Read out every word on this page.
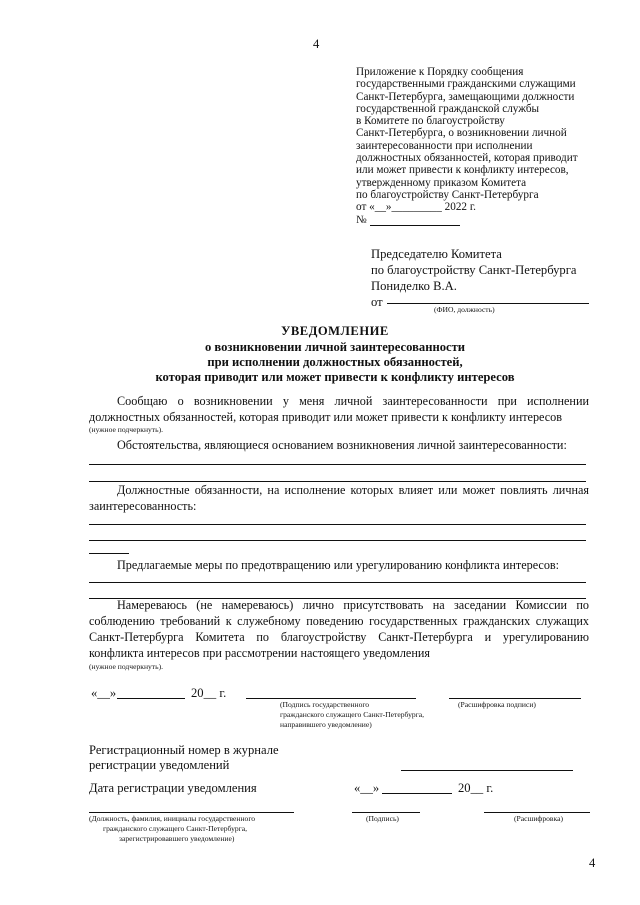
4
Приложение к Порядку сообщения
государственными гражданскими служащими
Санкт-Петербурга, замещающими должности
государственной гражданской службы
в Комитете по благоустройству
Санкт-Петербурга, о возникновении личной
заинтересованности при исполнении
должностных обязанностей, которая приводит
или может привести к конфликту интересов,
утвержденному приказом Комитета
по благоустройству Санкт-Петербурга
от «__»_________ 2022 г.
№
Председателю Комитета
по благоустройству Санкт-Петербурга
Пониделко В.А.
от
(ФИО, должность)
УВЕДОМЛЕНИЕ
о возникновении личной заинтересованности
при исполнении должностных обязанностей,
которая приводит или может привести к конфликту интересов
Сообщаю о возникновении у меня личной заинтересованности при исполнении должностных обязанностей, которая приводит или может привести к конфликту интересов
(нужное подчеркнуть).
Обстоятельства, являющиеся основанием возникновения личной заинтересованности:
Должностные обязанности, на исполнение которых влияет или может повлиять личная заинтересованность:
Предлагаемые меры по предотвращению или урегулированию конфликта интересов:
Намереваюсь (не намереваюсь) лично присутствовать на заседании Комиссии по соблюдению требований к служебному поведению государственных гражданских служащих Санкт-Петербурга Комитета по благоустройству Санкт-Петербурга и урегулированию конфликта интересов при рассмотрении настоящего уведомления
(нужное подчеркнуть).
«__»	20__ г.
(Подпись государственного
гражданского служащего Санкт-Петербурга,
направившего уведомление)
(Расшифровка подписи)
Регистрационный номер в журнале
регистрации уведомлений
Дата регистрации уведомления	«__»	20__ г.
(Должность, фамилия, инициалы государственного
гражданского служащего Санкт-Петербурга,
зарегистрировавшего уведомление)
(Подпись)	(Расшифровка)
4
